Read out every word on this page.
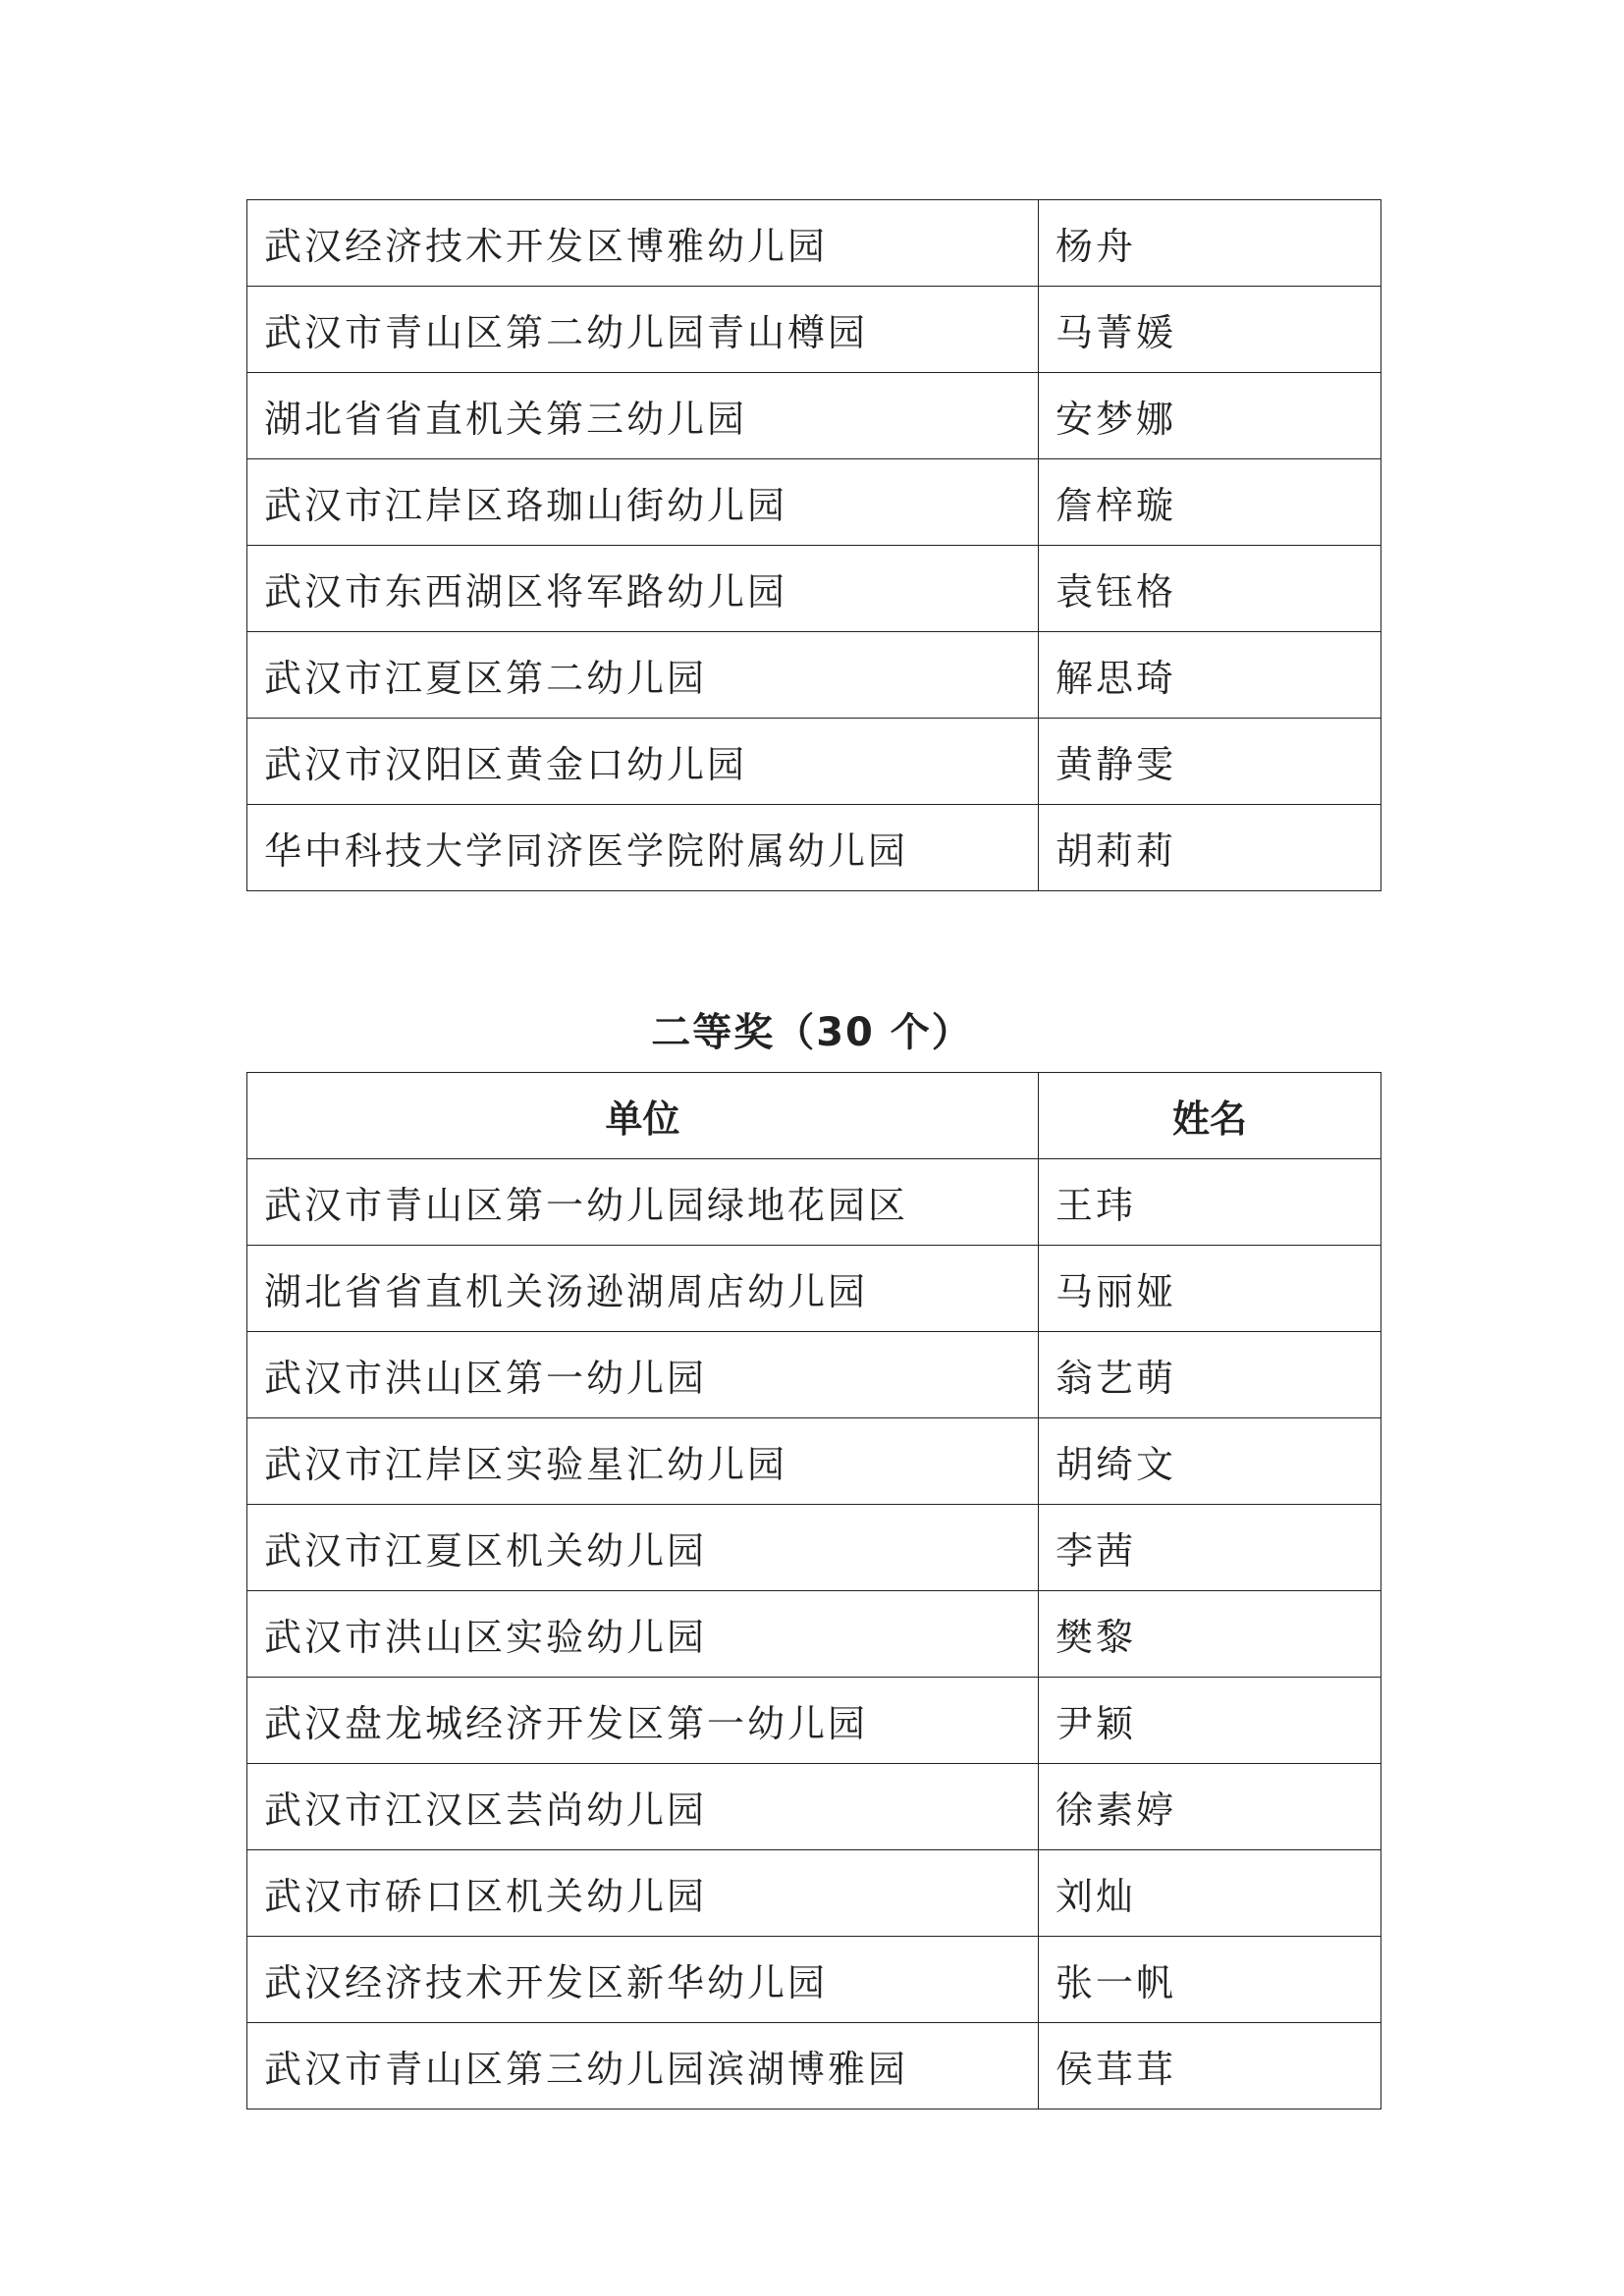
武汉经济技术开发区博雅幼儿园	杨舟
武汉市青山区第二幼儿园青山樽园	马菁媛
湖北省省直机关第三幼儿园	安梦娜
武汉市江岸区珞珈山街幼儿园	詹梓璇
武汉市东西湖区将军路幼儿园	袁钰格
武汉市江夏区第二幼儿园	解思琦
武汉市汉阳区黄金口幼儿园	黄静雯
华中科技大学同济医学院附属幼儿园	胡莉莉
二等奖（30 个）
单位	姓名
武汉市青山区第一幼儿园绿地花园区	王玮
湖北省省直机关汤逊湖周店幼儿园	马丽娅
武汉市洪山区第一幼儿园	翁艺萌
武汉市江岸区实验星汇幼儿园	胡绮文
武汉市江夏区机关幼儿园	李茜
武汉市洪山区实验幼儿园	樊黎
武汉盘龙城经济开发区第一幼儿园	尹颖
武汉市江汉区芸尚幼儿园	徐素婷
武汉市硚口区机关幼儿园	刘灿
武汉经济技术开发区新华幼儿园	张一帆
武汉市青山区第三幼儿园滨湖博雅园	侯茸茸
